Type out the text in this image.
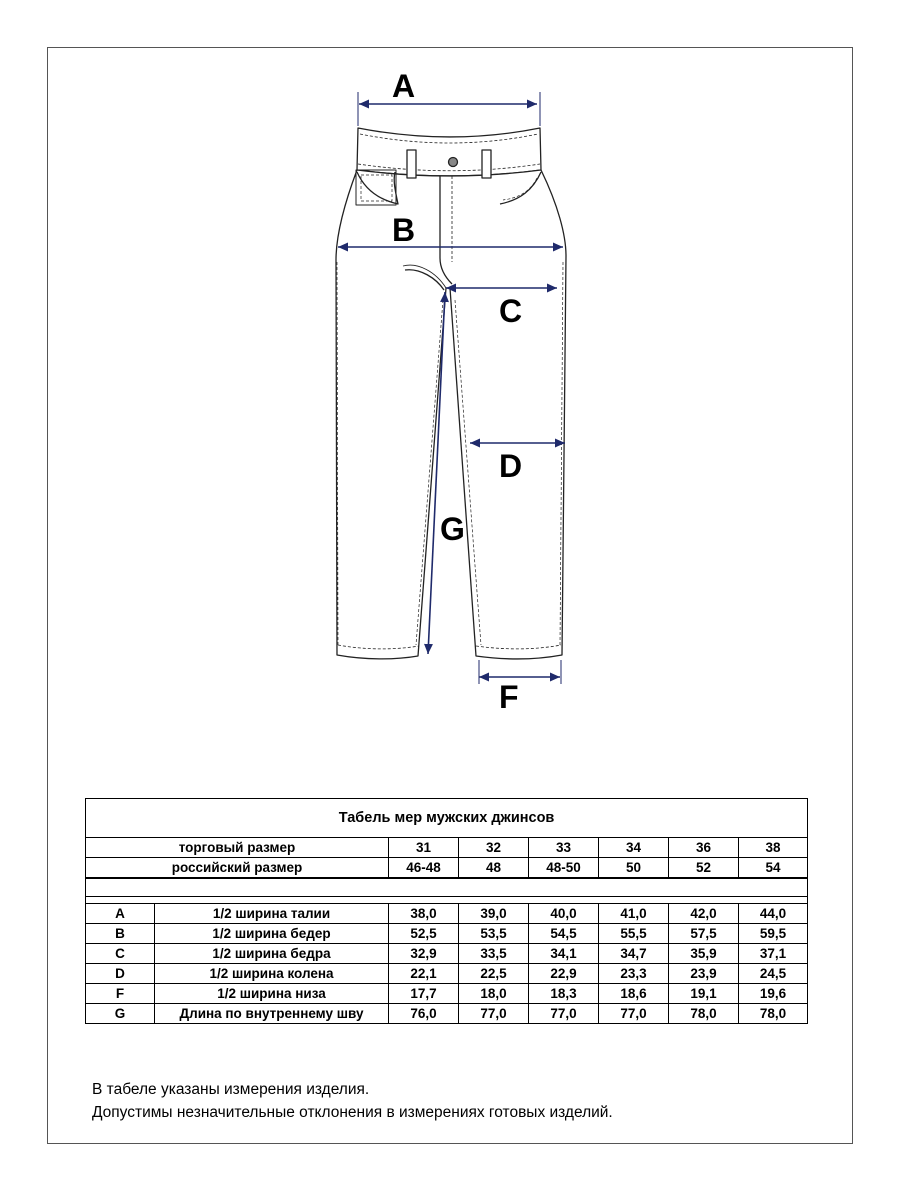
A
B
C
D
G
F
Табель мер мужских джинсов							
торговый размер		31	32	33	34	36	38
российский размер		46-48	48	48-50	50	52	54

A	1/2 ширина талии	38,0	39,0	40,0	41,0	42,0	44,0
B	1/2 ширина бедер	52,5	53,5	54,5	55,5	57,5	59,5
C	1/2 ширина бедра	32,9	33,5	34,1	34,7	35,9	37,1
D	1/2 ширина колена	22,1	22,5	22,9	23,3	23,9	24,5
F	1/2 ширина низа	17,7	18,0	18,3	18,6	19,1	19,6
G	Длина по внутреннему шву	76,0	77,0	77,0	77,0	78,0	78,0
В табеле указаны измерения изделия.
Допустимы незначительные отклонения в измерениях готовых изделий.
